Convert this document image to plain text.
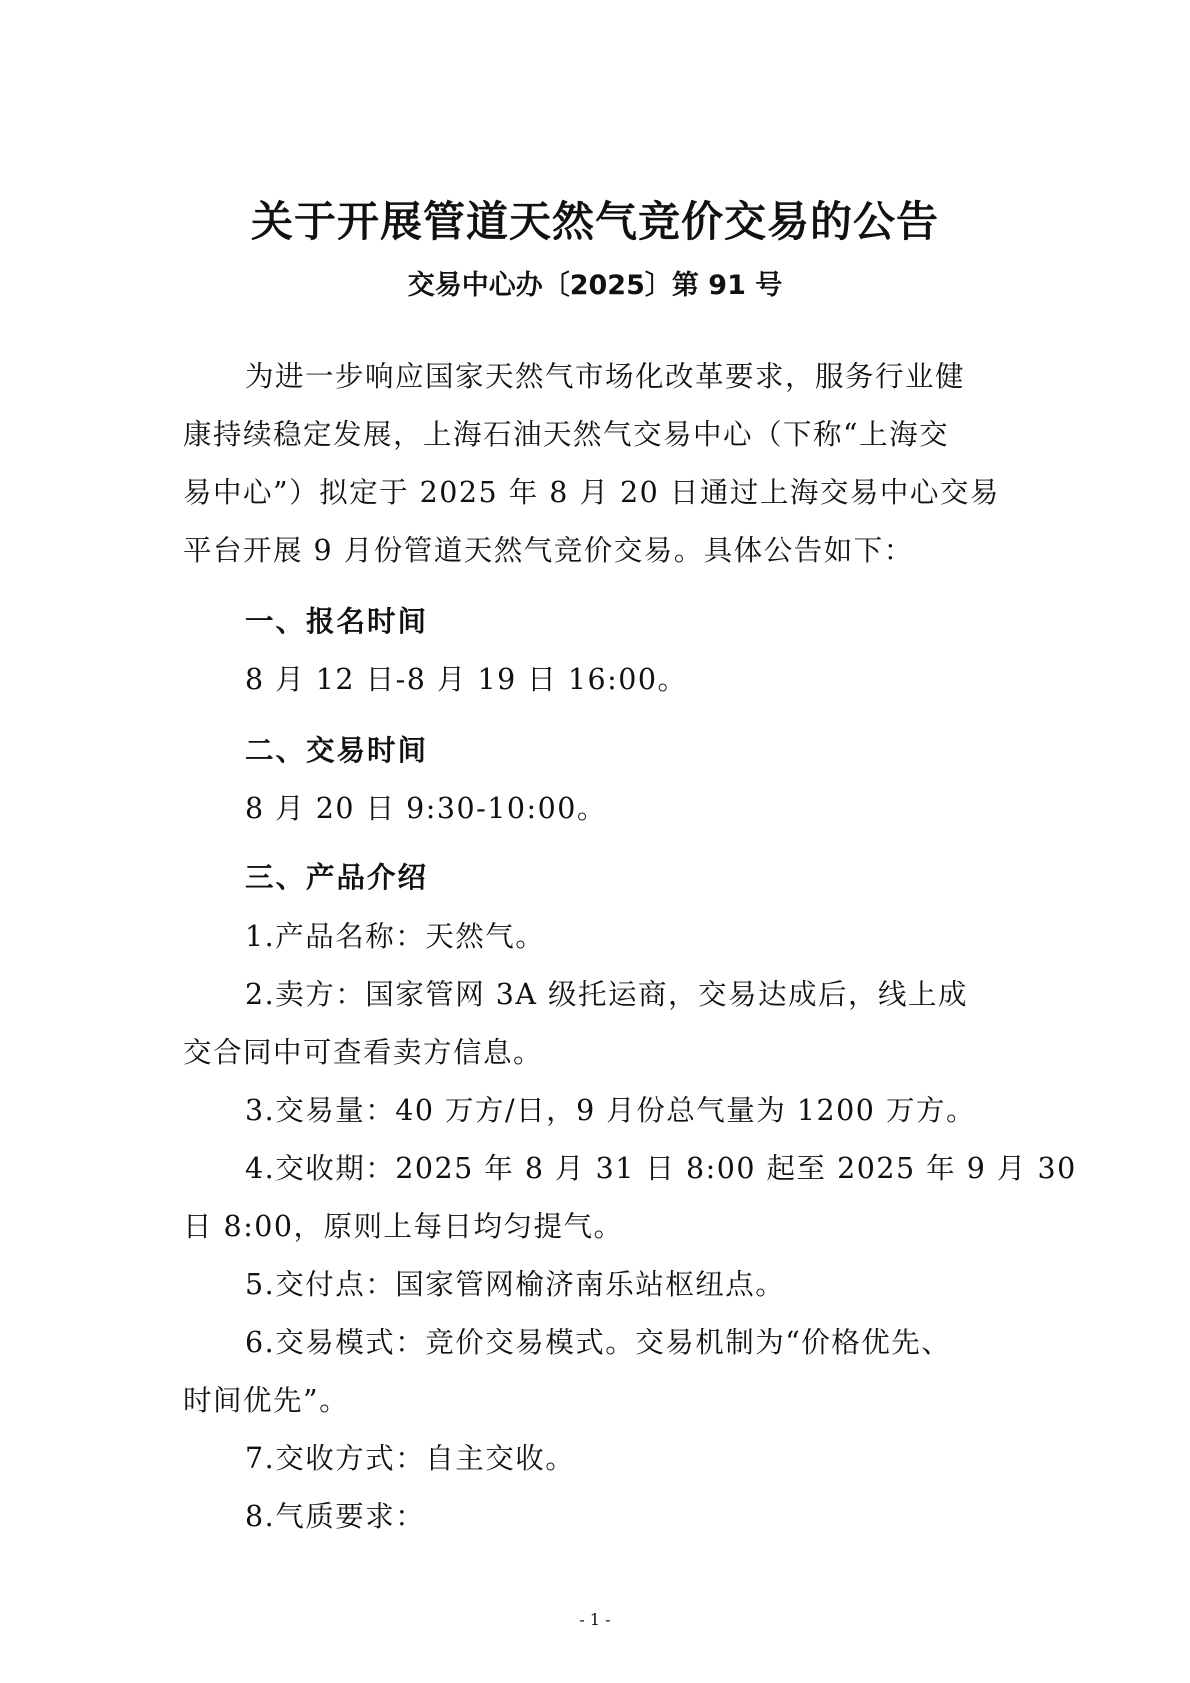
关于开展管道天然气竞价交易的公告
交易中心办〔2025〕第 91 号
为进一步响应国家天然气市场化改革要求，服务行业健
康持续稳定发展，上海石油天然气交易中心（下称“上海交
易中心”）拟定于 2025 年 8 月 20 日通过上海交易中心交易
平台开展 9 月份管道天然气竞价交易。具体公告如下：
一、报名时间
8 月 12 日-8 月 19 日 16:00。
二、交易时间
8 月 20 日 9:30-10:00。
三、产品介绍
1.产品名称：天然气。
2.卖方：国家管网 3A 级托运商，交易达成后，线上成
交合同中可查看卖方信息。
3.交易量：40 万方/日，9 月份总气量为 1200 万方。
4.交收期：2025 年 8 月 31 日 8:00 起至 2025 年 9 月 30
日 8:00，原则上每日均匀提气。
5.交付点：国家管网榆济南乐站枢纽点。
6.交易模式：竞价交易模式。交易机制为“价格优先、
时间优先”。
7.交收方式：自主交收。
8.气质要求：
- 1 -
